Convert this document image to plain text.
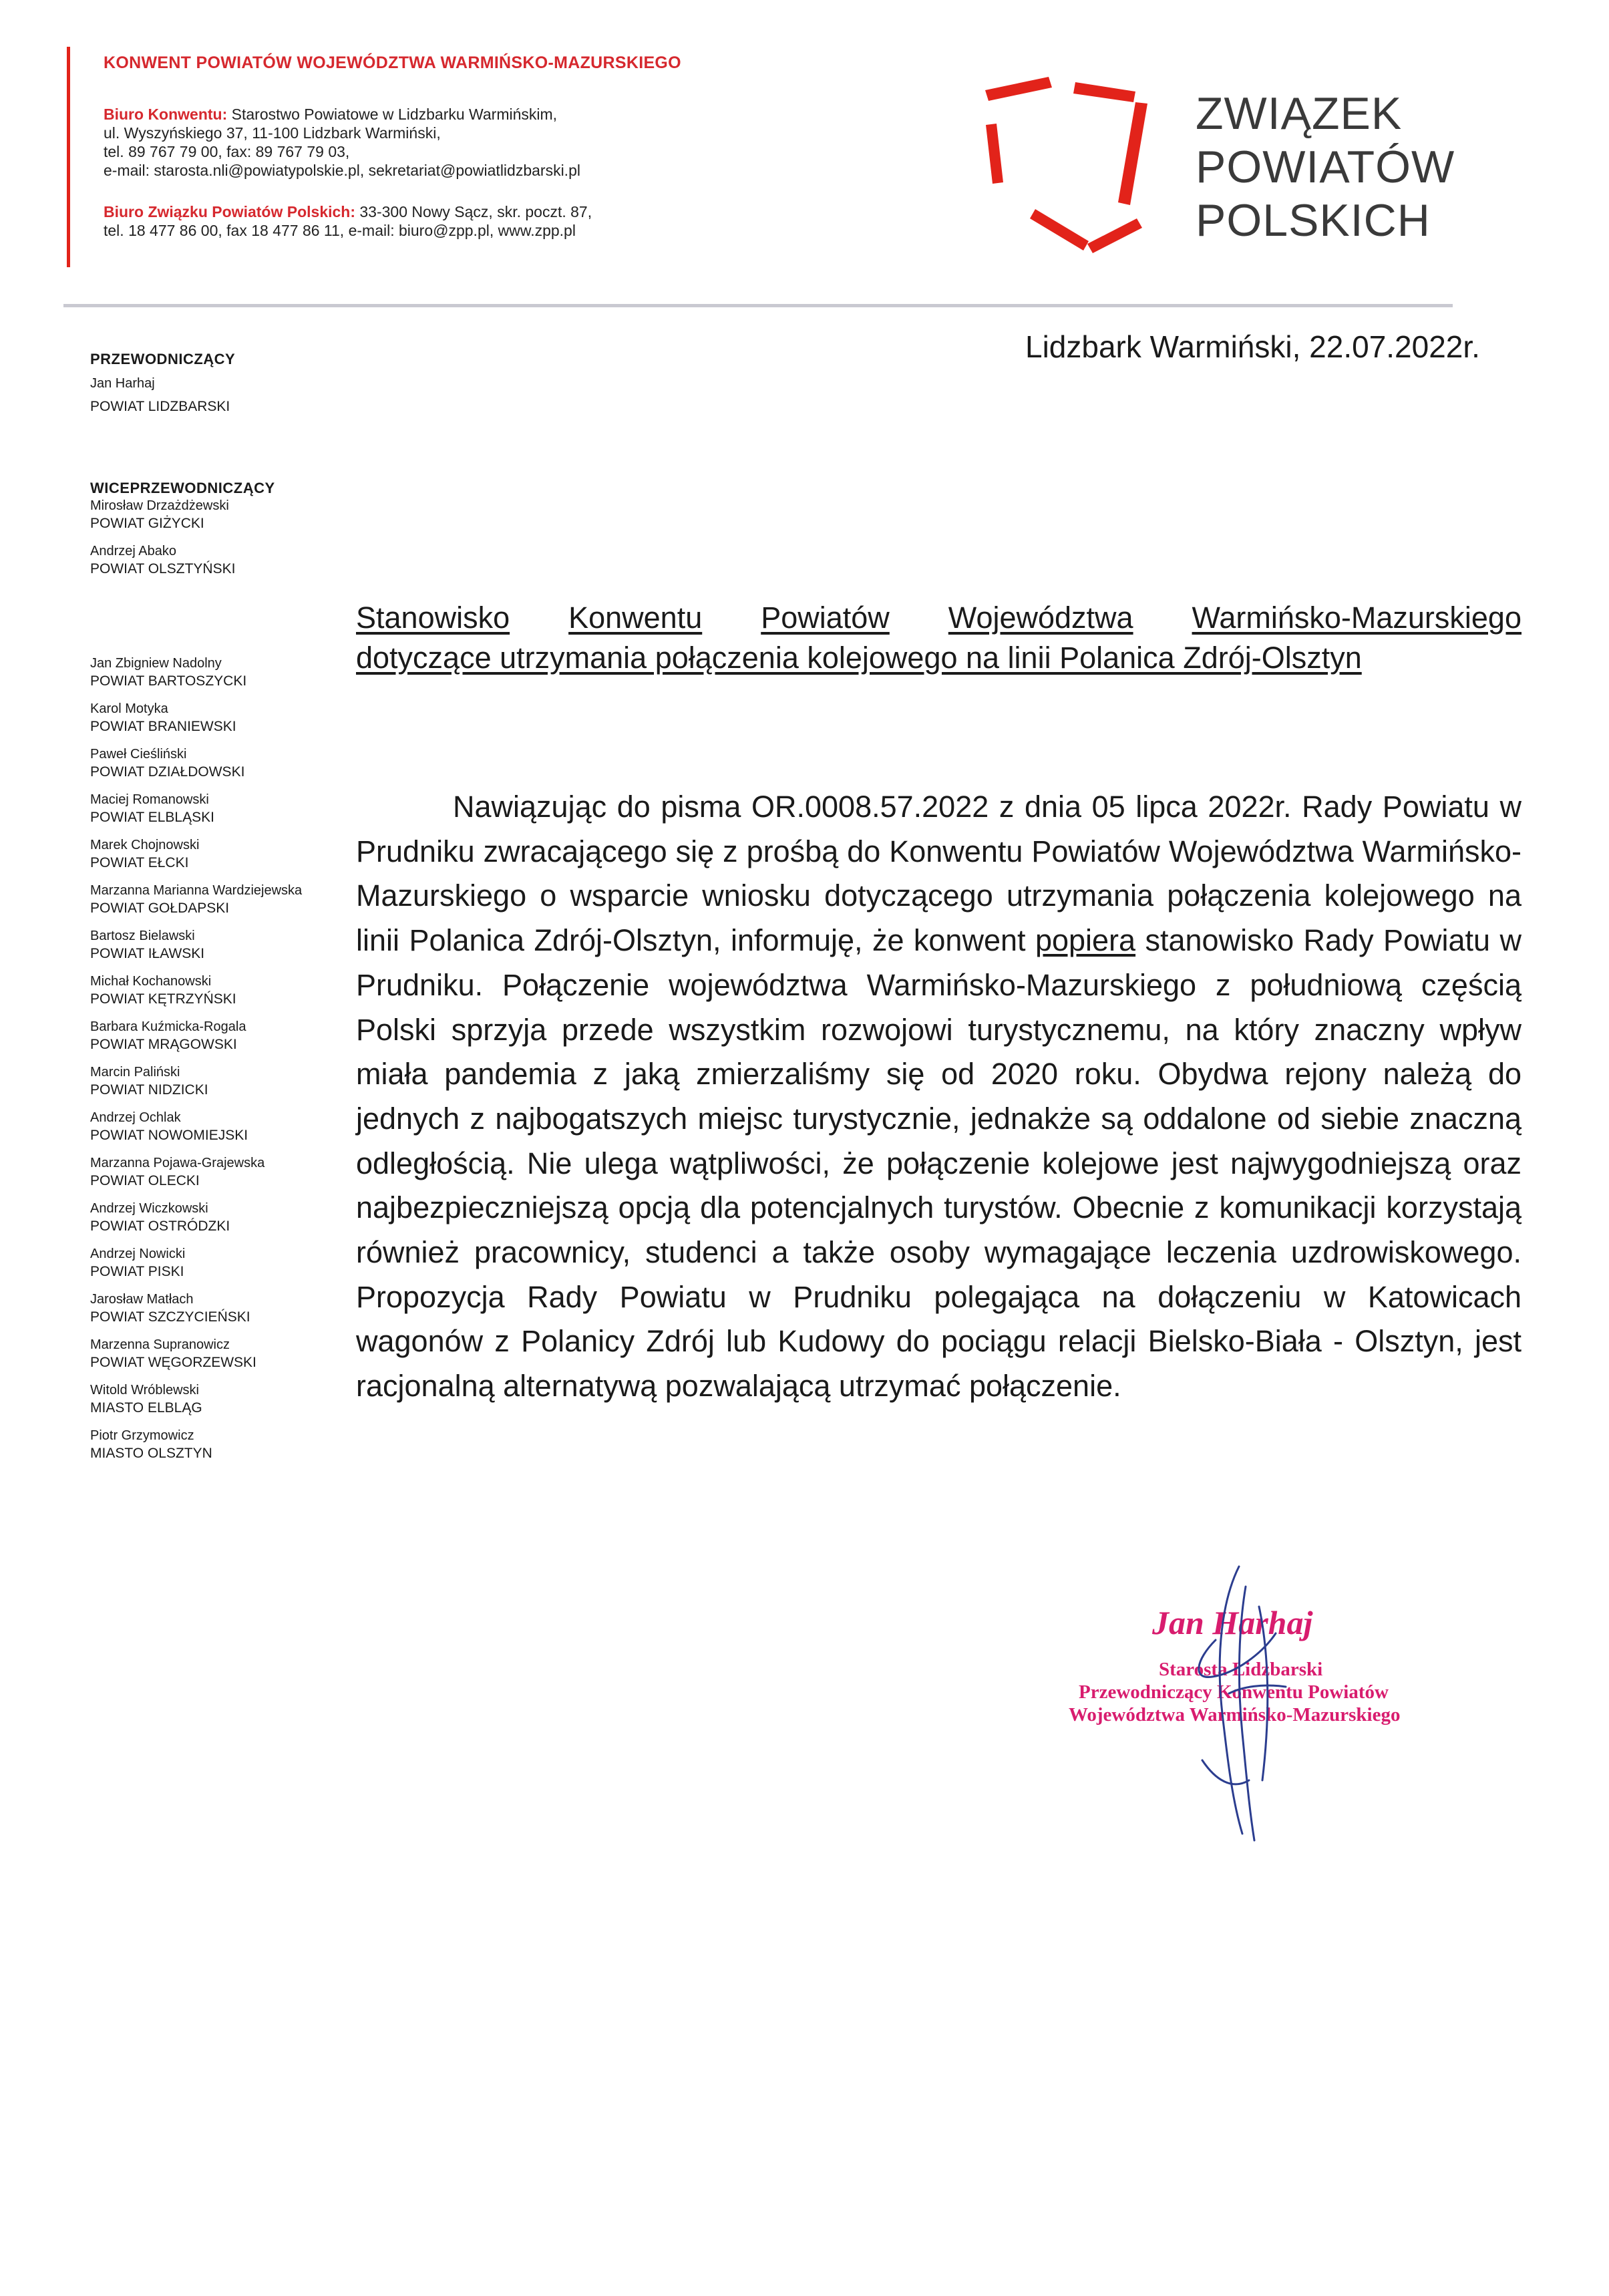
KONWENT POWIATÓW WOJEWÓDZTWA WARMIŃSKO-MAZURSKIEGO

Biuro Konwentu: Starostwo Powiatowe w Lidzbarku Warmińskim,

ul. Wyszyńskiego 37, 11-100 Lidzbark Warmiński,

tel. 89 767 79 00, fax: 89 767 79 03,

e-mail: starosta.nli@powiatypolskie.pl, sekretariat@powiatlidzbarski.pl

Biuro Związku Powiatów Polskich: 33-300 Nowy Sącz, skr. poczt. 87,

tel. 18 477 86 00, fax 18 477 86 11, e-mail: biuro@zpp.pl, www.zpp.pl

ZWIĄZEK
POWIATÓW
POLSKICH
Lidzbark Warmiński, 22.07.2022r.
PRZEWODNICZĄCY

Jan Harhaj

POWIAT LIDZBARSKI

WICEPRZEWODNICZĄCY

Mirosław Drzażdżewski

POWIAT GIŻYCKI

Andrzej Abako

POWIAT OLSZTYŃSKI

Jan Zbigniew Nadolny

POWIAT BARTOSZYCKI

Karol Motyka

POWIAT BRANIEWSKI

Paweł Cieśliński

POWIAT DZIAŁDOWSKI

Maciej Romanowski

POWIAT ELBLĄSKI

Marek Chojnowski

POWIAT EŁCKI

Marzanna Marianna Wardziejewska

POWIAT GOŁDAPSKI

Bartosz Bielawski

POWIAT IŁAWSKI

Michał Kochanowski

POWIAT KĘTRZYŃSKI

Barbara Kuźmicka-Rogala

POWIAT MRĄGOWSKI

Marcin Paliński

POWIAT NIDZICKI

Andrzej Ochlak

POWIAT NOWOMIEJSKI

Marzanna Pojawa-Grajewska

POWIAT OLECKI

Andrzej Wiczkowski

POWIAT OSTRÓDZKI

Andrzej Nowicki

POWIAT PISKI

Jarosław Matłach

POWIAT SZCZYCIEŃSKI

Marzenna Supranowicz

POWIAT WĘGORZEWSKI

Witold Wróblewski

MIASTO ELBLĄG

Piotr Grzymowicz

MIASTO OLSZTYN

Stanowisko Konwentu Powiatów Województwa Warmińsko-Mazurskiego
dotyczące utrzymania połączenia kolejowego na linii Polanica Zdrój-Olsztyn

Nawiązując do pisma OR.0008.57.2022 z dnia 05 lipca 2022r. Rady Powiatu w Prudniku zwracającego się z prośbą do Konwentu Powiatów Województwa Warmińsko-Mazurskiego o wsparcie wniosku dotyczącego utrzymania połączenia kolejowego na linii Polanica Zdrój-Olsztyn, informuję, że konwent popiera stanowisko Rady Powiatu w Prudniku. Połączenie województwa Warmińsko-Mazurskiego z południową częścią Polski sprzyja przede wszystkim rozwojowi turystycznemu, na który znaczny wpływ miała pandemia z jaką zmierzaliśmy się od 2020 roku. Obydwa rejony należą do jednych z najbogatszych miejsc turystycznie, jednakże są oddalone od siebie znaczną odległością. Nie ulega wątpliwości, że połączenie kolejowe jest najwygodniejszą oraz najbezpieczniejszą opcją dla potencjalnych turystów. Obecnie z komunikacji korzystają również pracownicy, studenci a także osoby wymagające leczenia uzdrowiskowego. Propozycja Rady Powiatu w Prudniku polegająca na dołączeniu w Katowicach wagonów z Polanicy Zdrój lub Kudowy do pociągu relacji Bielsko-Biała - Olsztyn, jest racjonalną alternatywą pozwalającą utrzymać połączenie.

Jan Harhaj
Starosta Lidzbarski
Przewodniczący Konwentu Powiatów
Województwa Warmińsko-Mazurskiego
